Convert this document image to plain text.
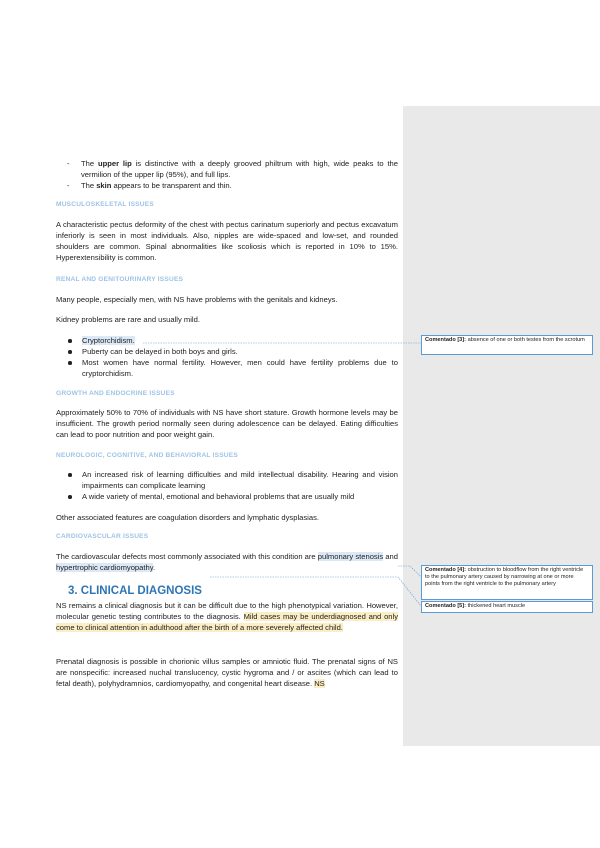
- The upper lip is distinctive with a deeply grooved philtrum with high, wide peaks to the vermilion of the upper lip (95%), and full lips.
- The skin appears to be transparent and thin.
MUSCULOSKELETAL ISSUES
A characteristic pectus deformity of the chest with pectus carinatum superiorly and pectus excavatum inferiorly is seen in most individuals. Also, nipples are wide-spaced and low-set, and rounded shoulders are common. Spinal abnormalities like scoliosis which is reported in 10% to 15%. Hyperextensibility is common.
RENAL AND GENITOURINARY ISSUES
Many people, especially men, with NS have problems with the genitals and kidneys.
Kidney problems are rare and usually mild.
Cryptorchidism.
Puberty can be delayed in both boys and girls.
Most women have normal fertility. However, men could have fertility problems due to cryptorchidism.
GROWTH AND ENDOCRINE ISSUES
Approximately 50% to 70% of individuals with NS have short stature. Growth hormone levels may be insufficient. The growth period normally seen during adolescence can be delayed. Eating difficulties can lead to poor nutrition and poor weight gain.
NEUROLOGIC, COGNITIVE, AND BEHAVIORAL ISSUES
An increased risk of learning difficulties and mild intellectual disability. Hearing and vision impairments can complicate learning
A wide variety of mental, emotional and behavioral problems that are usually mild
Other associated features are coagulation disorders and lymphatic dysplasias.
CARDIOVASCULAR ISSUES
The cardiovascular defects most commonly associated with this condition are pulmonary stenosis and hypertrophic cardiomyopathy.
3. CLINICAL DIAGNOSIS
NS remains a clinical diagnosis but it can be difficult due to the high phenotypical variation. However, molecular genetic testing contributes to the diagnosis. Mild cases may be underdiagnosed and only come to clinical attention in adulthood after the birth of a more severely affected child.
Prenatal diagnosis is possible in chorionic villus samples or amniotic fluid. The prenatal signs of NS are nonspecific: increased nuchal translucency, cystic hygroma and / or ascites (which can lead to fetal death), polyhydramnios, cardiomyopathy, and congenital heart disease. NS
Comentado [3]: absence of one or both testes from the scrotum
Comentado [4]: obstruction to bloodflow from the right ventricle to the pulmonary artery caused by narrowing at one or more points from the right ventricle to the pulmonary artery
Comentado [5]: thickened heart muscle
